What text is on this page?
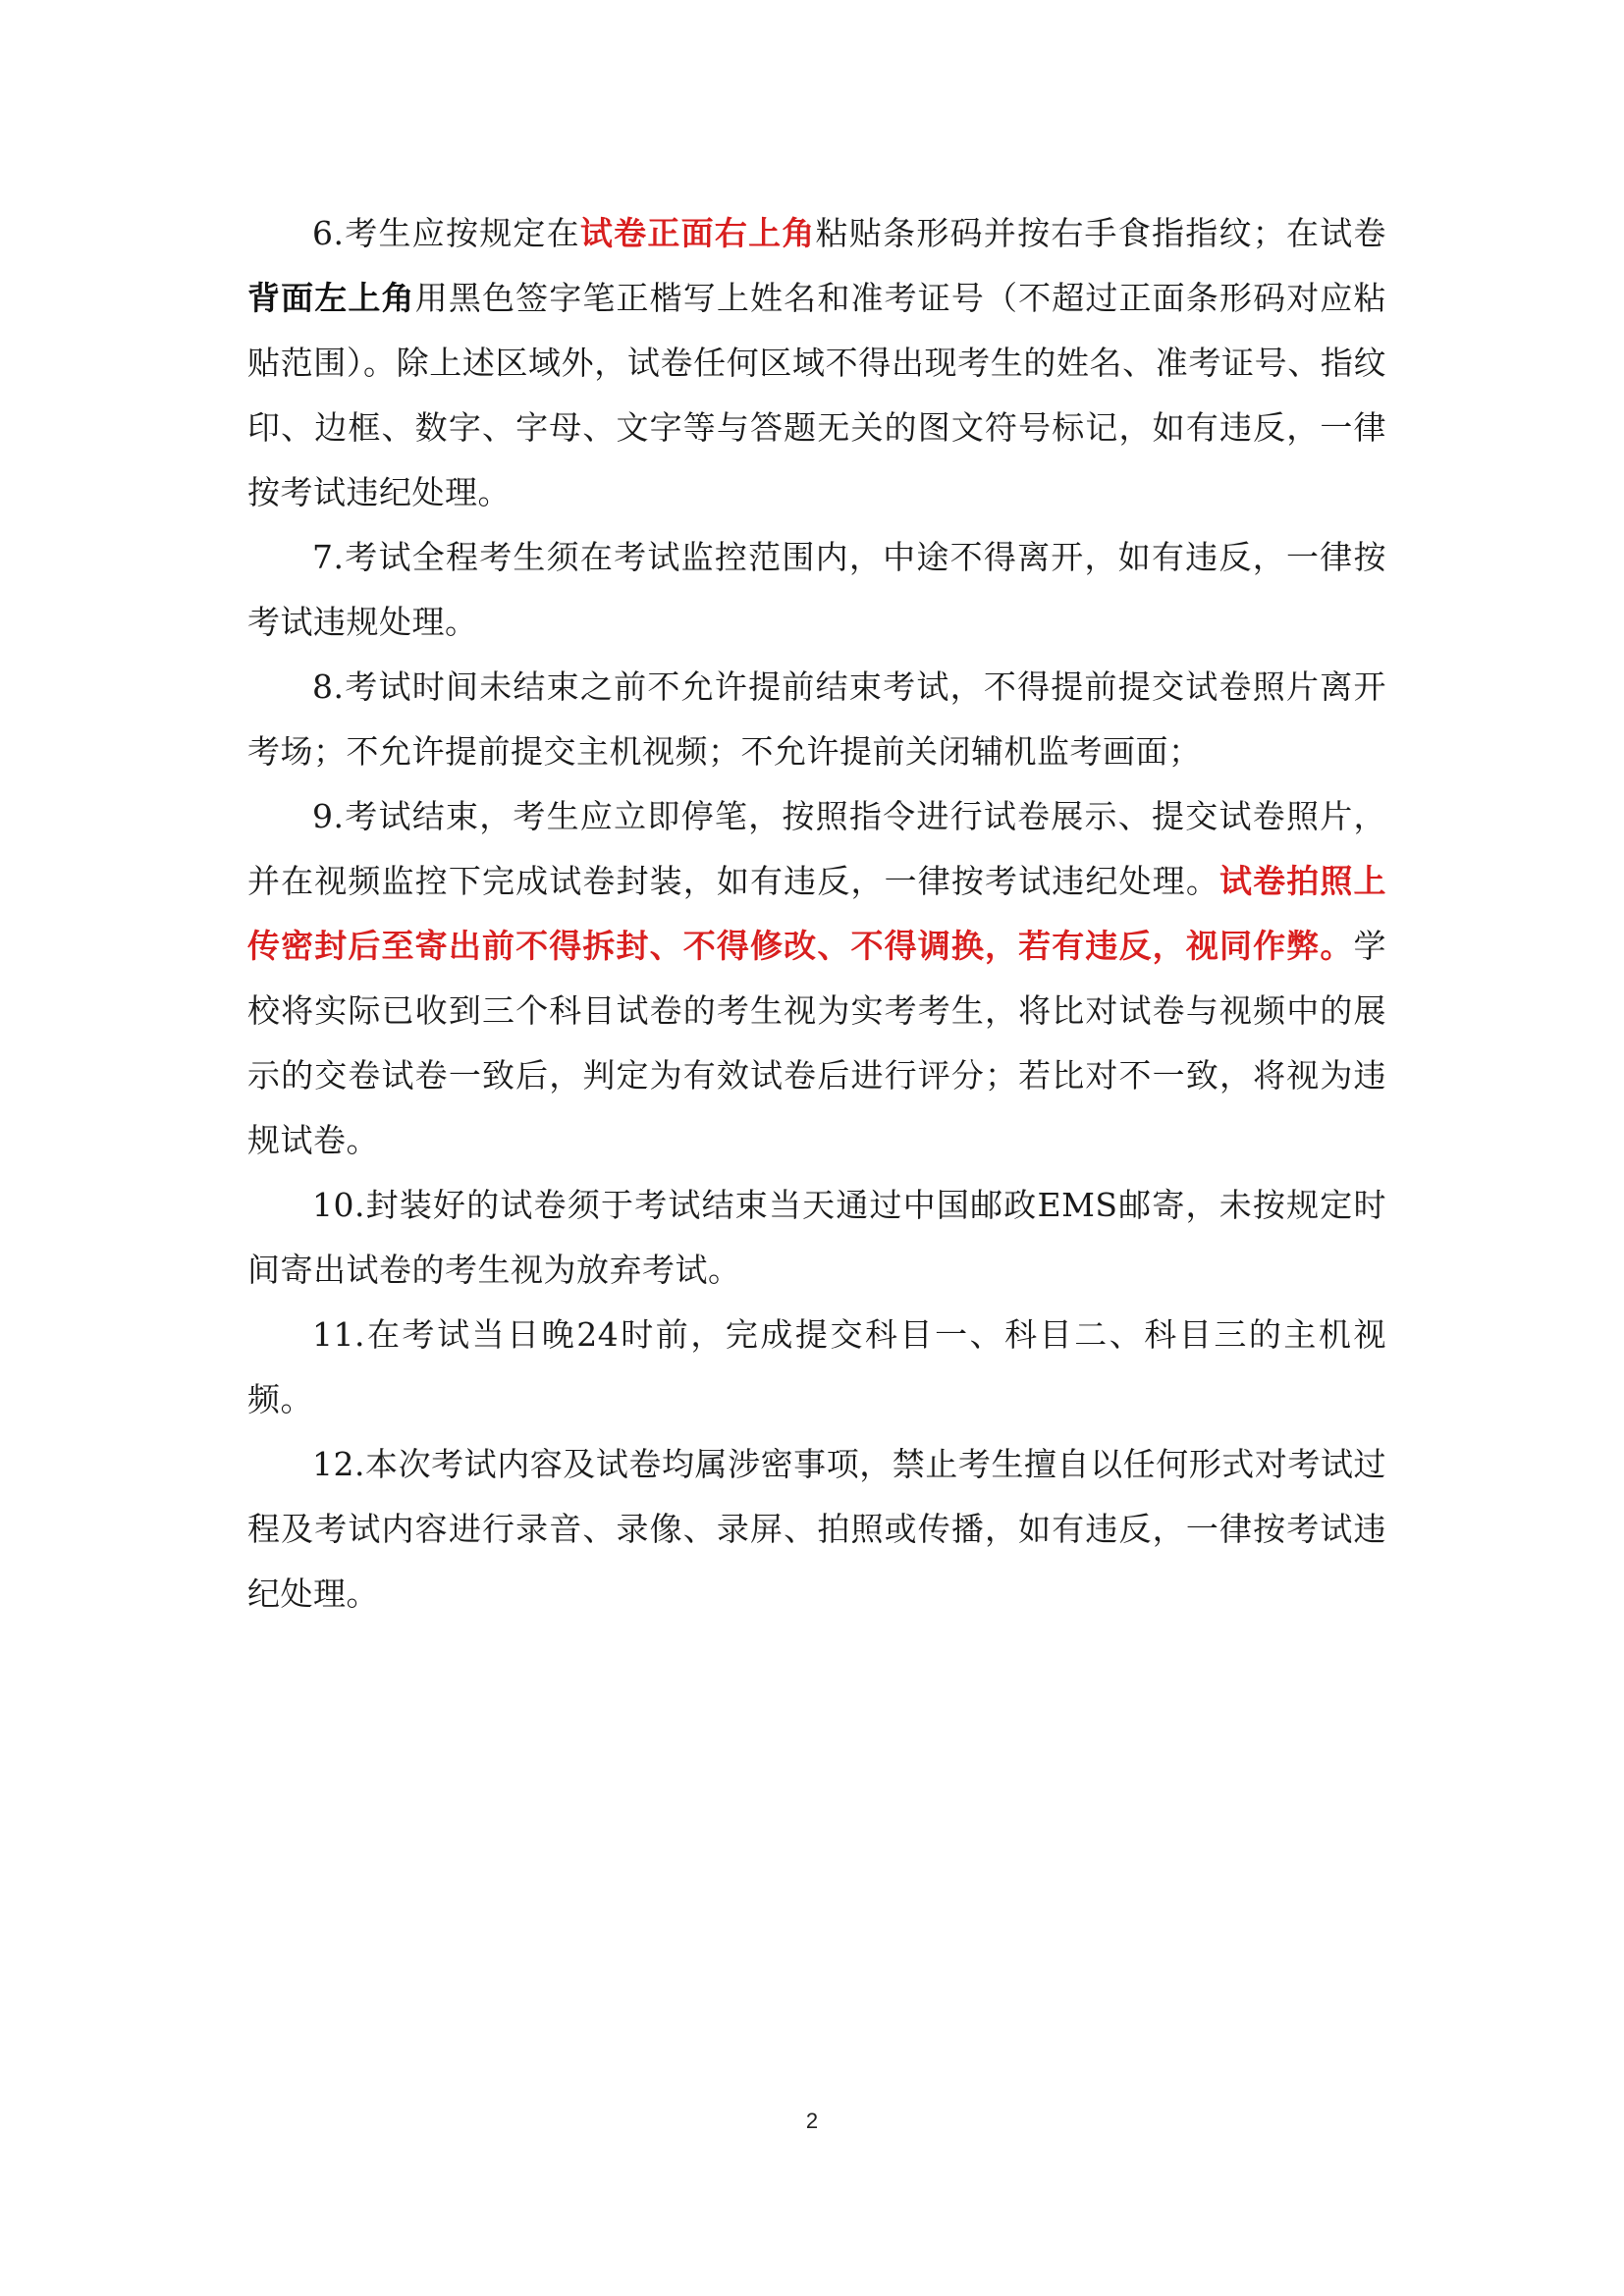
6.考生应按规定在试卷正面右上角粘贴条形码并按右手食指指纹；在试卷背面左上角用黑色签字笔正楷写上姓名和准考证号（不超过正面条形码对应粘贴范围）。除上述区域外，试卷任何区域不得出现考生的姓名、准考证号、指纹印、边框、数字、字母、文字等与答题无关的图文符号标记，如有违反，一律按考试违纪处理。

7.考试全程考生须在考试监控范围内，中途不得离开，如有违反，一律按考试违规处理。

8.考试时间未结束之前不允许提前结束考试，不得提前提交试卷照片离开考场；不允许提前提交主机视频；不允许提前关闭辅机监考画面；

9.考试结束，考生应立即停笔，按照指令进行试卷展示、提交试卷照片，并在视频监控下完成试卷封装，如有违反，一律按考试违纪处理。试卷拍照上传密封后至寄出前不得拆封、不得修改、不得调换，若有违反，视同作弊。学校将实际已收到三个科目试卷的考生视为实考考生，将比对试卷与视频中的展示的交卷试卷一致后，判定为有效试卷后进行评分；若比对不一致，将视为违规试卷。

10.封装好的试卷须于考试结束当天通过中国邮政EMS邮寄，未按规定时间寄出试卷的考生视为放弃考试。

11.在考试当日晚24时前，完成提交科目一、科目二、科目三的主机视频。

12.本次考试内容及试卷均属涉密事项，禁止考生擅自以任何形式对考试过程及考试内容进行录音、录像、录屏、拍照或传播，如有违反，一律按考试违纪处理。

2
